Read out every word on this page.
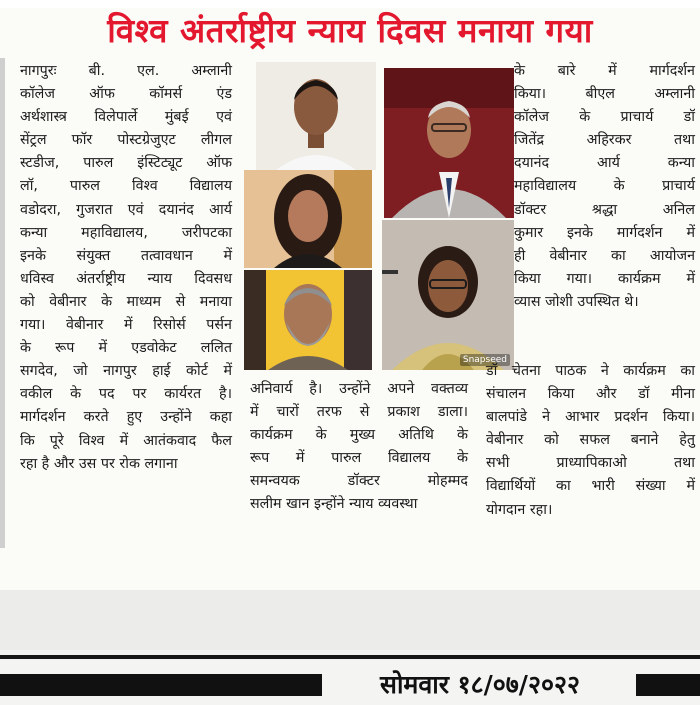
विश्व अंतर्राष्ट्रीय न्याय दिवस मनाया गया
नागपुरः बी. एल. अम्लानी
कॉलेज ऑफ कॉमर्स एंड
अर्थशास्त्र विलेपार्ले मुंबई एवं
सेंट्रल फॉर पोस्टग्रेजुएट लीगल
स्टडीज, पारुल इंस्टिट्यूट ऑफ
लॉ, पारुल विश्व विद्यालय
वडोदरा, गुजरात एवं दयानंद आर्य
कन्या महाविद्यालय, जरीपटका
इनके संयुक्त तत्वावधान में
धविस्व अंतर्राष्ट्रीय न्याय दिवसध
को वेबीनार के माध्यम से मनाया
गया। वेबीनार में रिसोर्स पर्सन
के रूप में एडवोकेट ललित
सगदेव, जो नागपुर हाई कोर्ट में
वकील के पद पर कार्यरत है।
मार्गदर्शन करते हुए उन्होंने कहा
कि पूरे विश्व में आतंकवाद फैल
रहा है और उस पर रोक लगाना
Snapseed
अनिवार्य है। उन्होंने अपने वक्तव्य
में चारों तरफ से प्रकाश डाला।
कार्यक्रम के मुख्य अतिथि के
रूप में पारुल विद्यालय के
समन्वयक डॉक्टर मोहम्मद
सलीम खान इन्होंने न्याय व्यवस्था
के बारे में मार्गदर्शन
किया। बीएल अम्लानी
कॉलेज के प्राचार्य डॉ
जितेंद्र अहिरकर तथा
दयानंद आर्य कन्या
महाविद्यालय के प्राचार्य
डॉक्टर श्रद्धा अनिल
कुमार इनके मार्गदर्शन में
ही वेबीनार का आयोजन
किया गया। कार्यक्रम में
व्यास जोशी उपस्थित थे।
डॉ चेतना पाठक ने कार्यक्रम का
संचालन किया और डॉ मीना
बालपांडे ने आभार प्रदर्शन किया।
वेबीनार को सफल बनाने हेतु
सभी प्राध्यापिकाओ तथा
विद्यार्थियों का भारी संख्या में
योगदान रहा।
सोमवार १८/०७/२०२२
